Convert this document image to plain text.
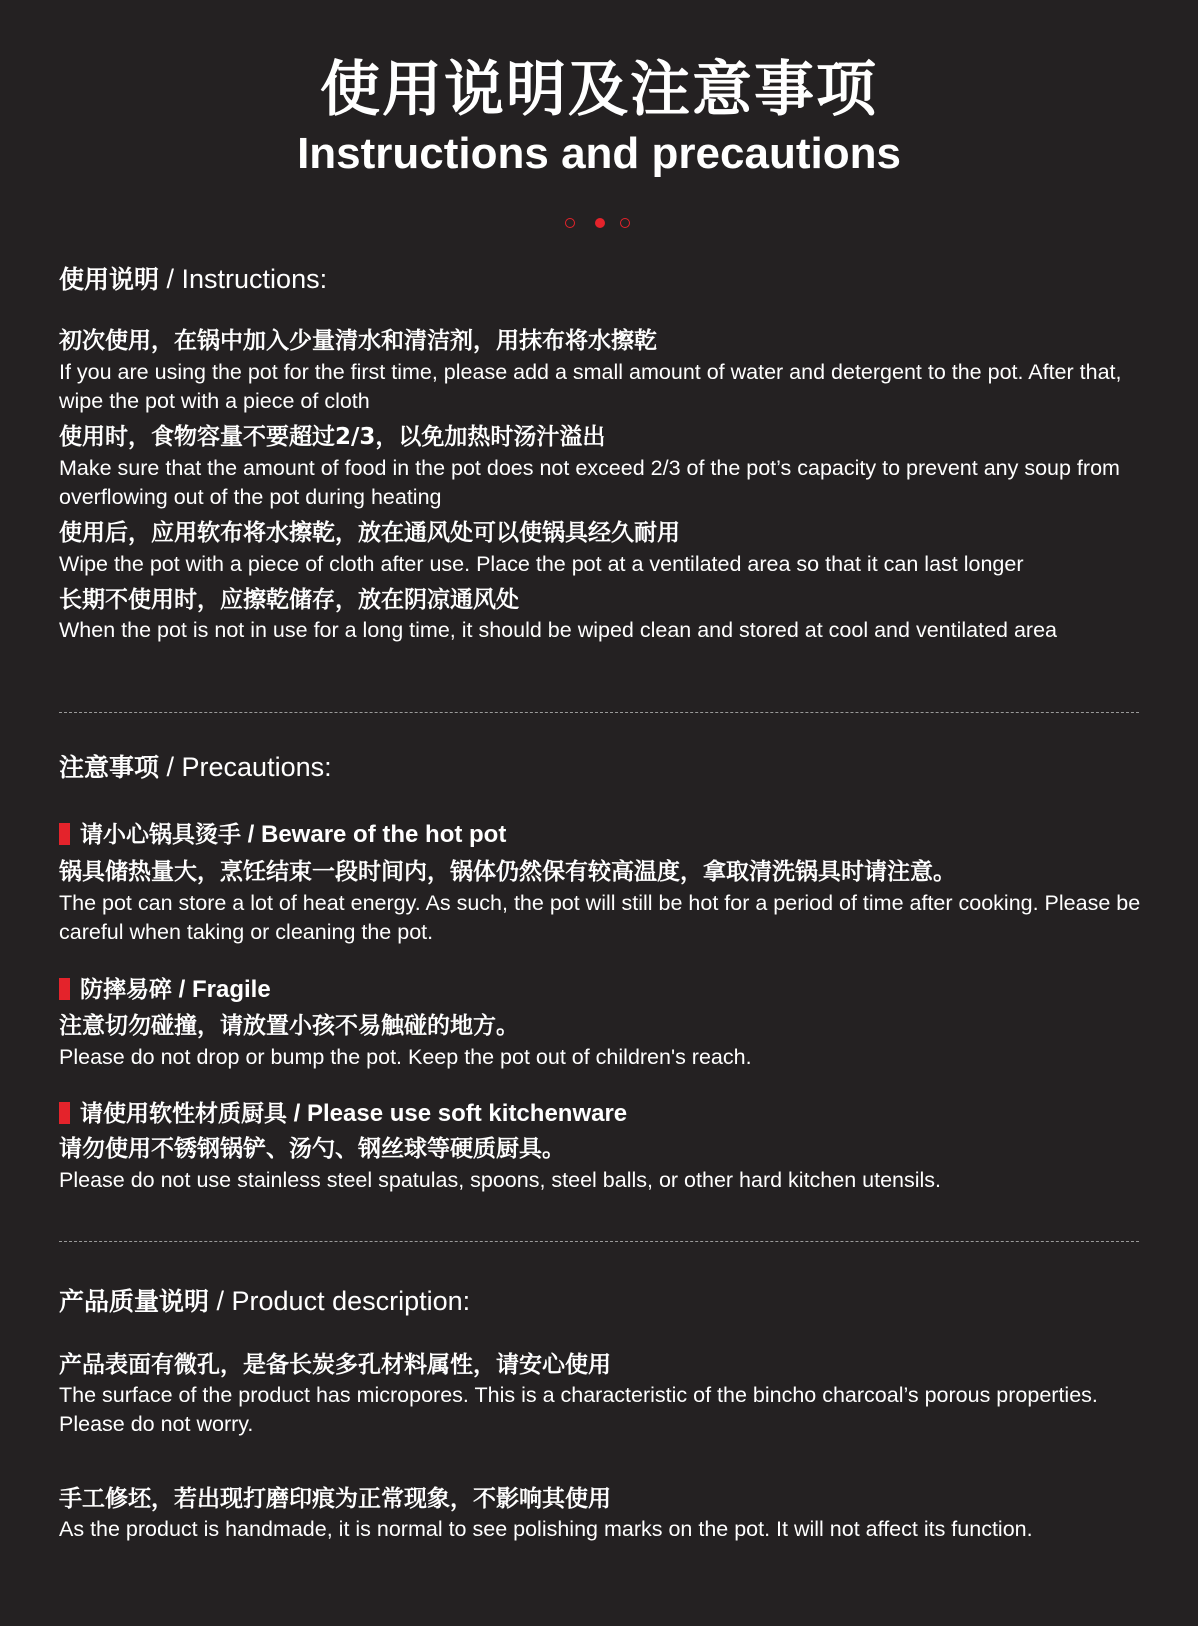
使用说明及注意事项
Instructions and precautions
使用说明 / Instructions:
初次使用，在锅中加入少量清水和清洁剂，用抹布将水擦乾
If you are using the pot for the first time, please add a small amount of water and detergent to the pot. After that, wipe the pot with a piece of cloth
使用时，食物容量不要超过2/3，以免加热时汤汁溢出
Make sure that the amount of food in the pot does not exceed 2/3 of the pot’s capacity to prevent any soup from overflowing out of the pot during heating
使用后，应用软布将水擦乾，放在通风处可以使锅具经久耐用
Wipe the pot with a piece of cloth after use. Place the pot at a ventilated area so that it can last longer
长期不使用时，应擦乾储存，放在阴凉通风处
When the pot is not in use for a long time, it should be wiped clean and stored at cool and ventilated area
注意事项 / Precautions:
请小心锅具烫手 / Beware of the hot pot
锅具储热量大，烹饪结束一段时间内，锅体仍然保有较高温度，拿取清洗锅具时请注意。
The pot can store a lot of heat energy. As such, the pot will still be hot for a period of time after cooking. Please be careful when taking or cleaning the pot.
防摔易碎 / Fragile
注意切勿碰撞，请放置小孩不易触碰的地方。
Please do not drop or bump the pot. Keep the pot out of children's reach.
请使用软性材质厨具 / Please use soft kitchenware
请勿使用不锈钢锅铲、汤勺、钢丝球等硬质厨具。
Please do not use stainless steel spatulas, spoons, steel balls, or other hard kitchen utensils.
产品质量说明 / Product description:
产品表面有微孔，是备长炭多孔材料属性，请安心使用
The surface of the product has micropores. This is a characteristic of the bincho charcoal’s porous properties. Please do not worry.
手工修坯，若出现打磨印痕为正常现象，不影响其使用
As the product is handmade, it is normal to see polishing marks on the pot. It will not affect its function.
